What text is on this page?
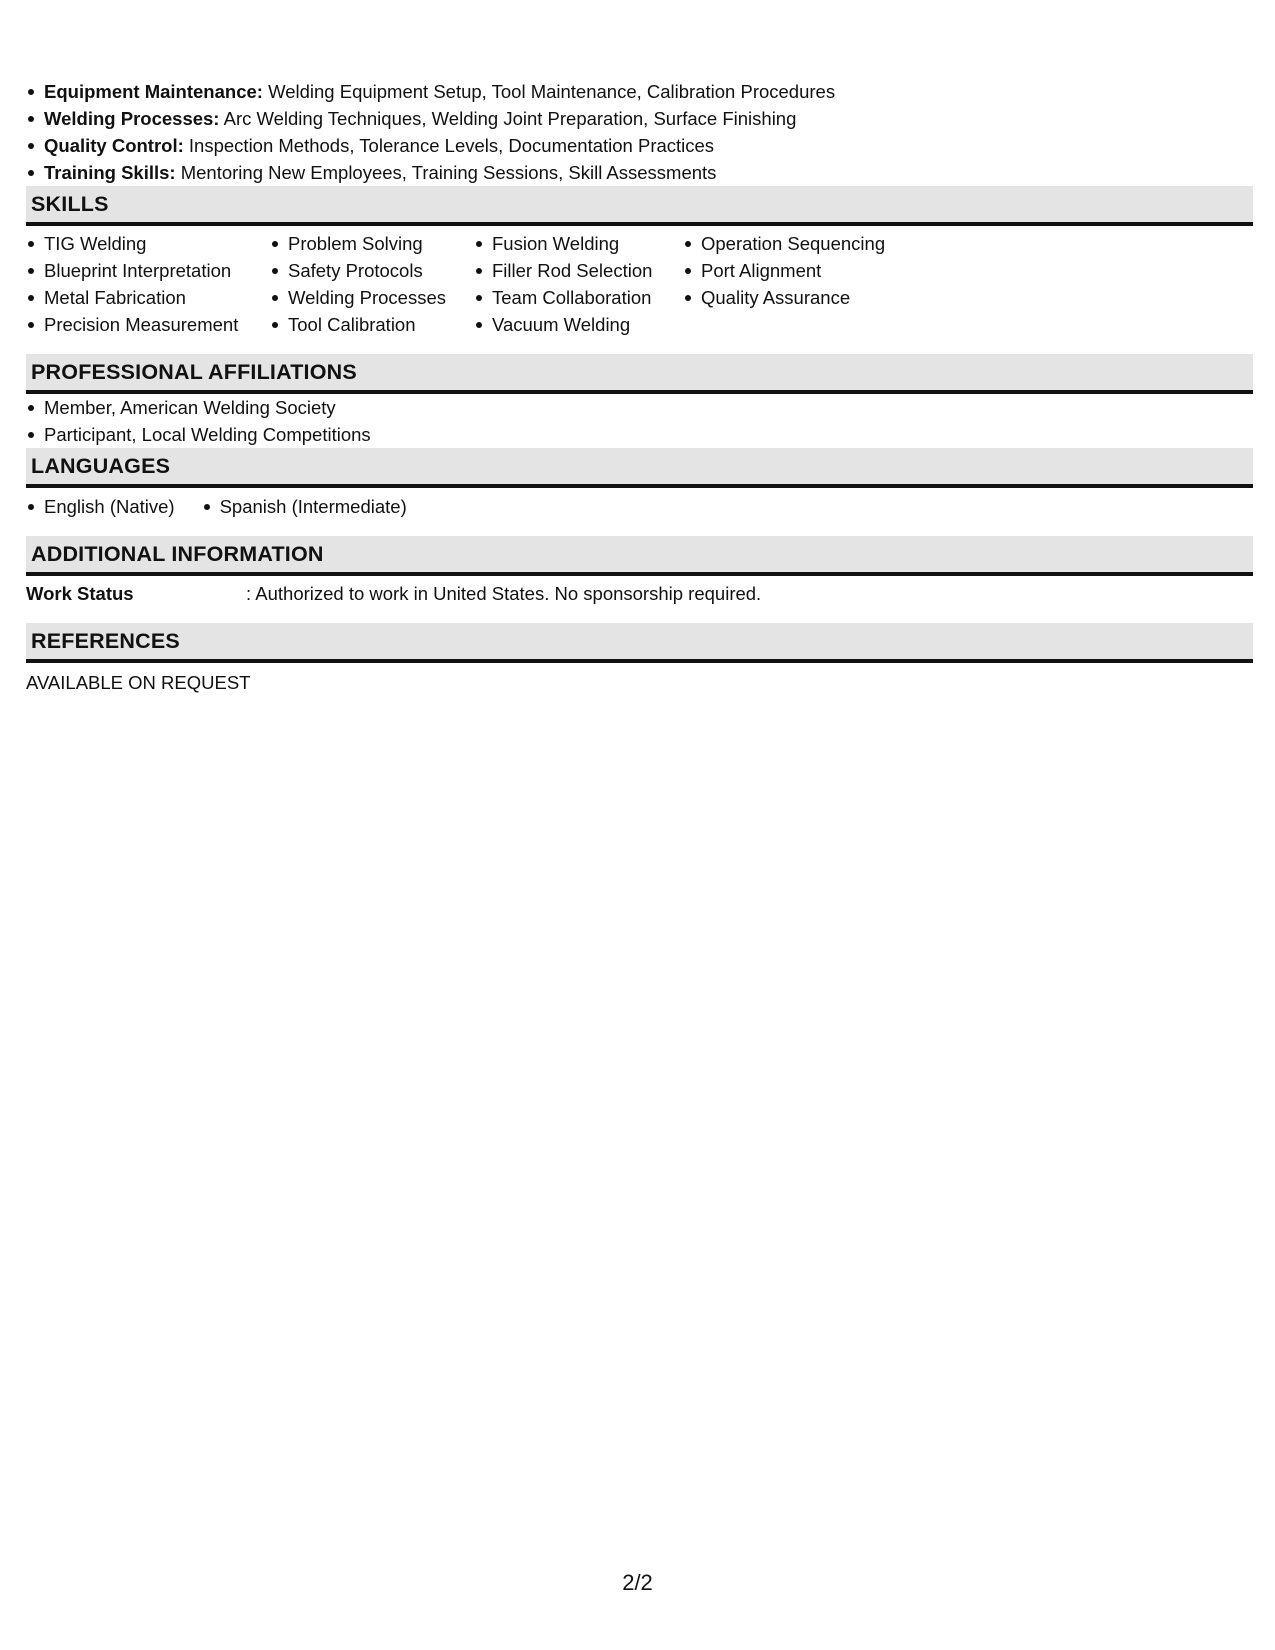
Equipment Maintenance: Welding Equipment Setup, Tool Maintenance, Calibration Procedures
Welding Processes: Arc Welding Techniques, Welding Joint Preparation, Surface Finishing
Quality Control: Inspection Methods, Tolerance Levels, Documentation Practices
Training Skills: Mentoring New Employees, Training Sessions, Skill Assessments
SKILLS
TIG Welding
Blueprint Interpretation
Metal Fabrication
Precision Measurement
Problem Solving
Safety Protocols
Welding Processes
Tool Calibration
Fusion Welding
Filler Rod Selection
Team Collaboration
Vacuum Welding
Operation Sequencing
Port Alignment
Quality Assurance
PROFESSIONAL AFFILIATIONS
Member, American Welding Society
Participant, Local Welding Competitions
LANGUAGES
English (Native) Spanish (Intermediate)
ADDITIONAL INFORMATION
Work Status	: Authorized to work in United States. No sponsorship required.
REFERENCES
AVAILABLE ON REQUEST
2/2
